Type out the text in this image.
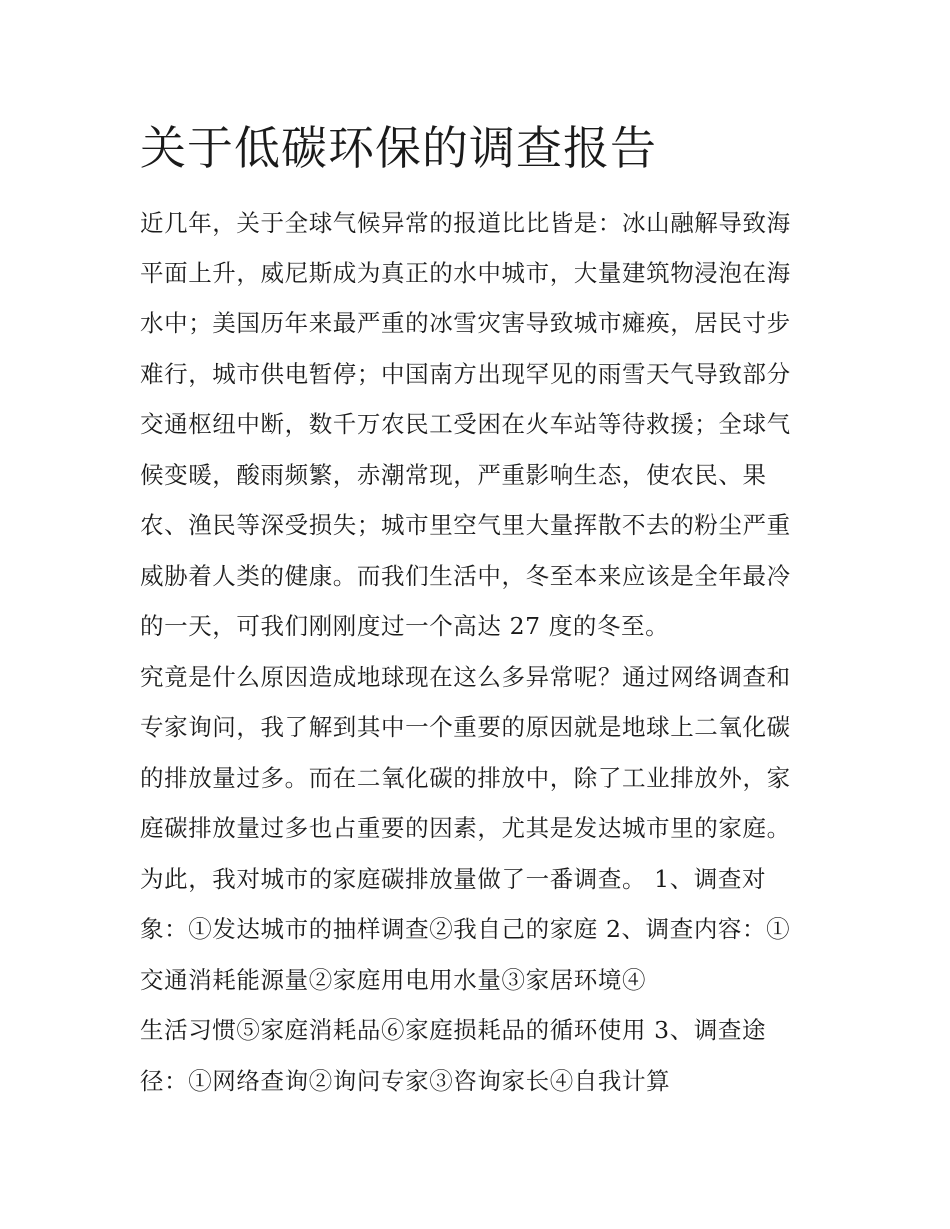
关于低碳环保的调查报告

近几年，关于全球气候异常的报道比比皆是：冰山融解导致海

平面上升，威尼斯成为真正的水中城市，大量建筑物浸泡在海

水中；美国历年来最严重的冰雪灾害导致城市瘫痪，居民寸步

难行，城市供电暂停；中国南方出现罕见的雨雪天气导致部分

交通枢纽中断，数千万农民工受困在火车站等待救援；全球气

候变暖，酸雨频繁，赤潮常现，严重影响生态，使农民、果

农、渔民等深受损失；城市里空气里大量挥散不去的粉尘严重

威胁着人类的健康。而我们生活中，冬至本来应该是全年最冷

的一天，可我们刚刚度过一个高达 27 度的冬至。

究竟是什么原因造成地球现在这么多异常呢？通过网络调查和

专家询问，我了解到其中一个重要的原因就是地球上二氧化碳

的排放量过多。而在二氧化碳的排放中，除了工业排放外，家

庭碳排放量过多也占重要的因素，尤其是发达城市里的家庭。

为此，我对城市的家庭碳排放量做了一番调查。 1、调查对

象：①发达城市的抽样调查②我自己的家庭 2、调查内容：①

交通消耗能源量②家庭用电用水量③家居环境④

生活习惯⑤家庭消耗品⑥家庭损耗品的循环使用 3、调查途

径：①网络查询②询问专家③咨询家长④自我计算
